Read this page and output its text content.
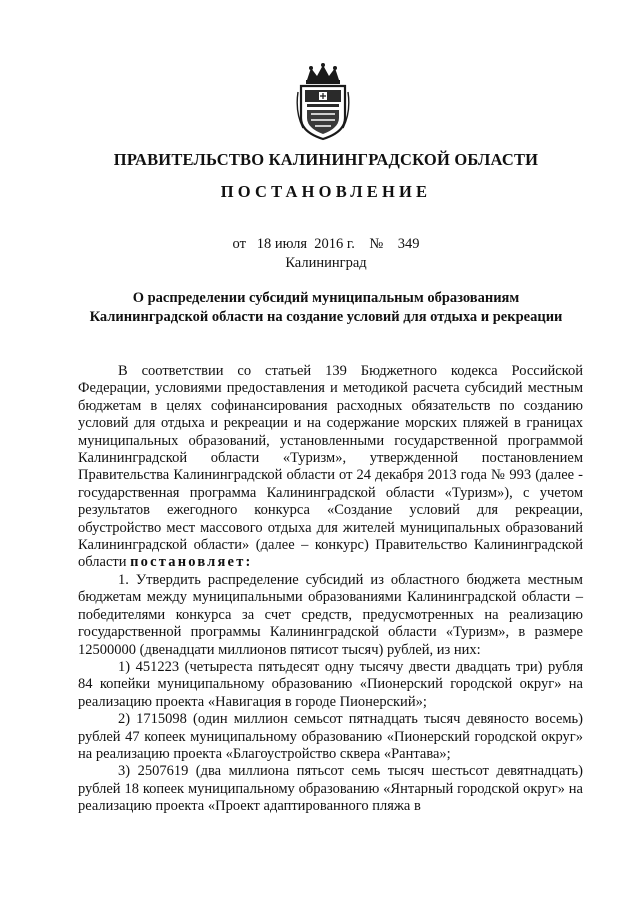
ПРАВИТЕЛЬСТВО КАЛИНИНГРАДСКОЙ ОБЛАСТИ
ПОСТАНОВЛЕНИЕ
от 18 июля  2016 г. № 349
Калининград
О распределении субсидий муниципальным образованиям
Калининградской области на создание условий для отдыха и рекреации

В соответствии со статьей 139 Бюджетного кодекса Российской Федерации, условиями предоставления и методикой расчета субсидий местным бюджетам в целях софинансирования расходных обязательств по созданию условий для отдыха и рекреации и на содержание морских пляжей в границах муниципальных образований, установленными государственной программой Калининградской области «Туризм», утвержденной постановлением Правительства Калининградской области от 24 декабря 2013 года № 993 (далее - государственная программа Калининградской области «Туризм»), с учетом результатов ежегодного конкурса «Создание условий для рекреации, обустройство мест массового отдыха для жителей муниципальных образований Калининградской области» (далее – конкурс) Правительство Калининградской области постановляет:

1. Утвердить распределение субсидий из областного бюджета местным бюджетам между муниципальными образованиями Калининградской области – победителями конкурса за счет средств, предусмотренных на реализацию государственной программы Калининградской области «Туризм», в размере 12500000 (двенадцати миллионов пятисот тысяч) рублей, из них:

1) 451223 (четыреста пятьдесят одну тысячу двести двадцать три) рубля 84 копейки муниципальному образованию «Пионерский городской округ» на реализацию проекта «Навигация в городе Пионерский»;

2) 1715098 (один миллион семьсот пятнадцать тысяч девяносто восемь) рублей 47 копеек муниципальному образованию «Пионерский городской округ» на реализацию проекта «Благоустройство сквера «Рантава»;

3) 2507619 (два миллиона пятьсот семь тысяч шестьсот девятнадцать) рублей 18 копеек муниципальному образованию «Янтарный городской округ» на реализацию проекта «Проект адаптированного пляжа в
